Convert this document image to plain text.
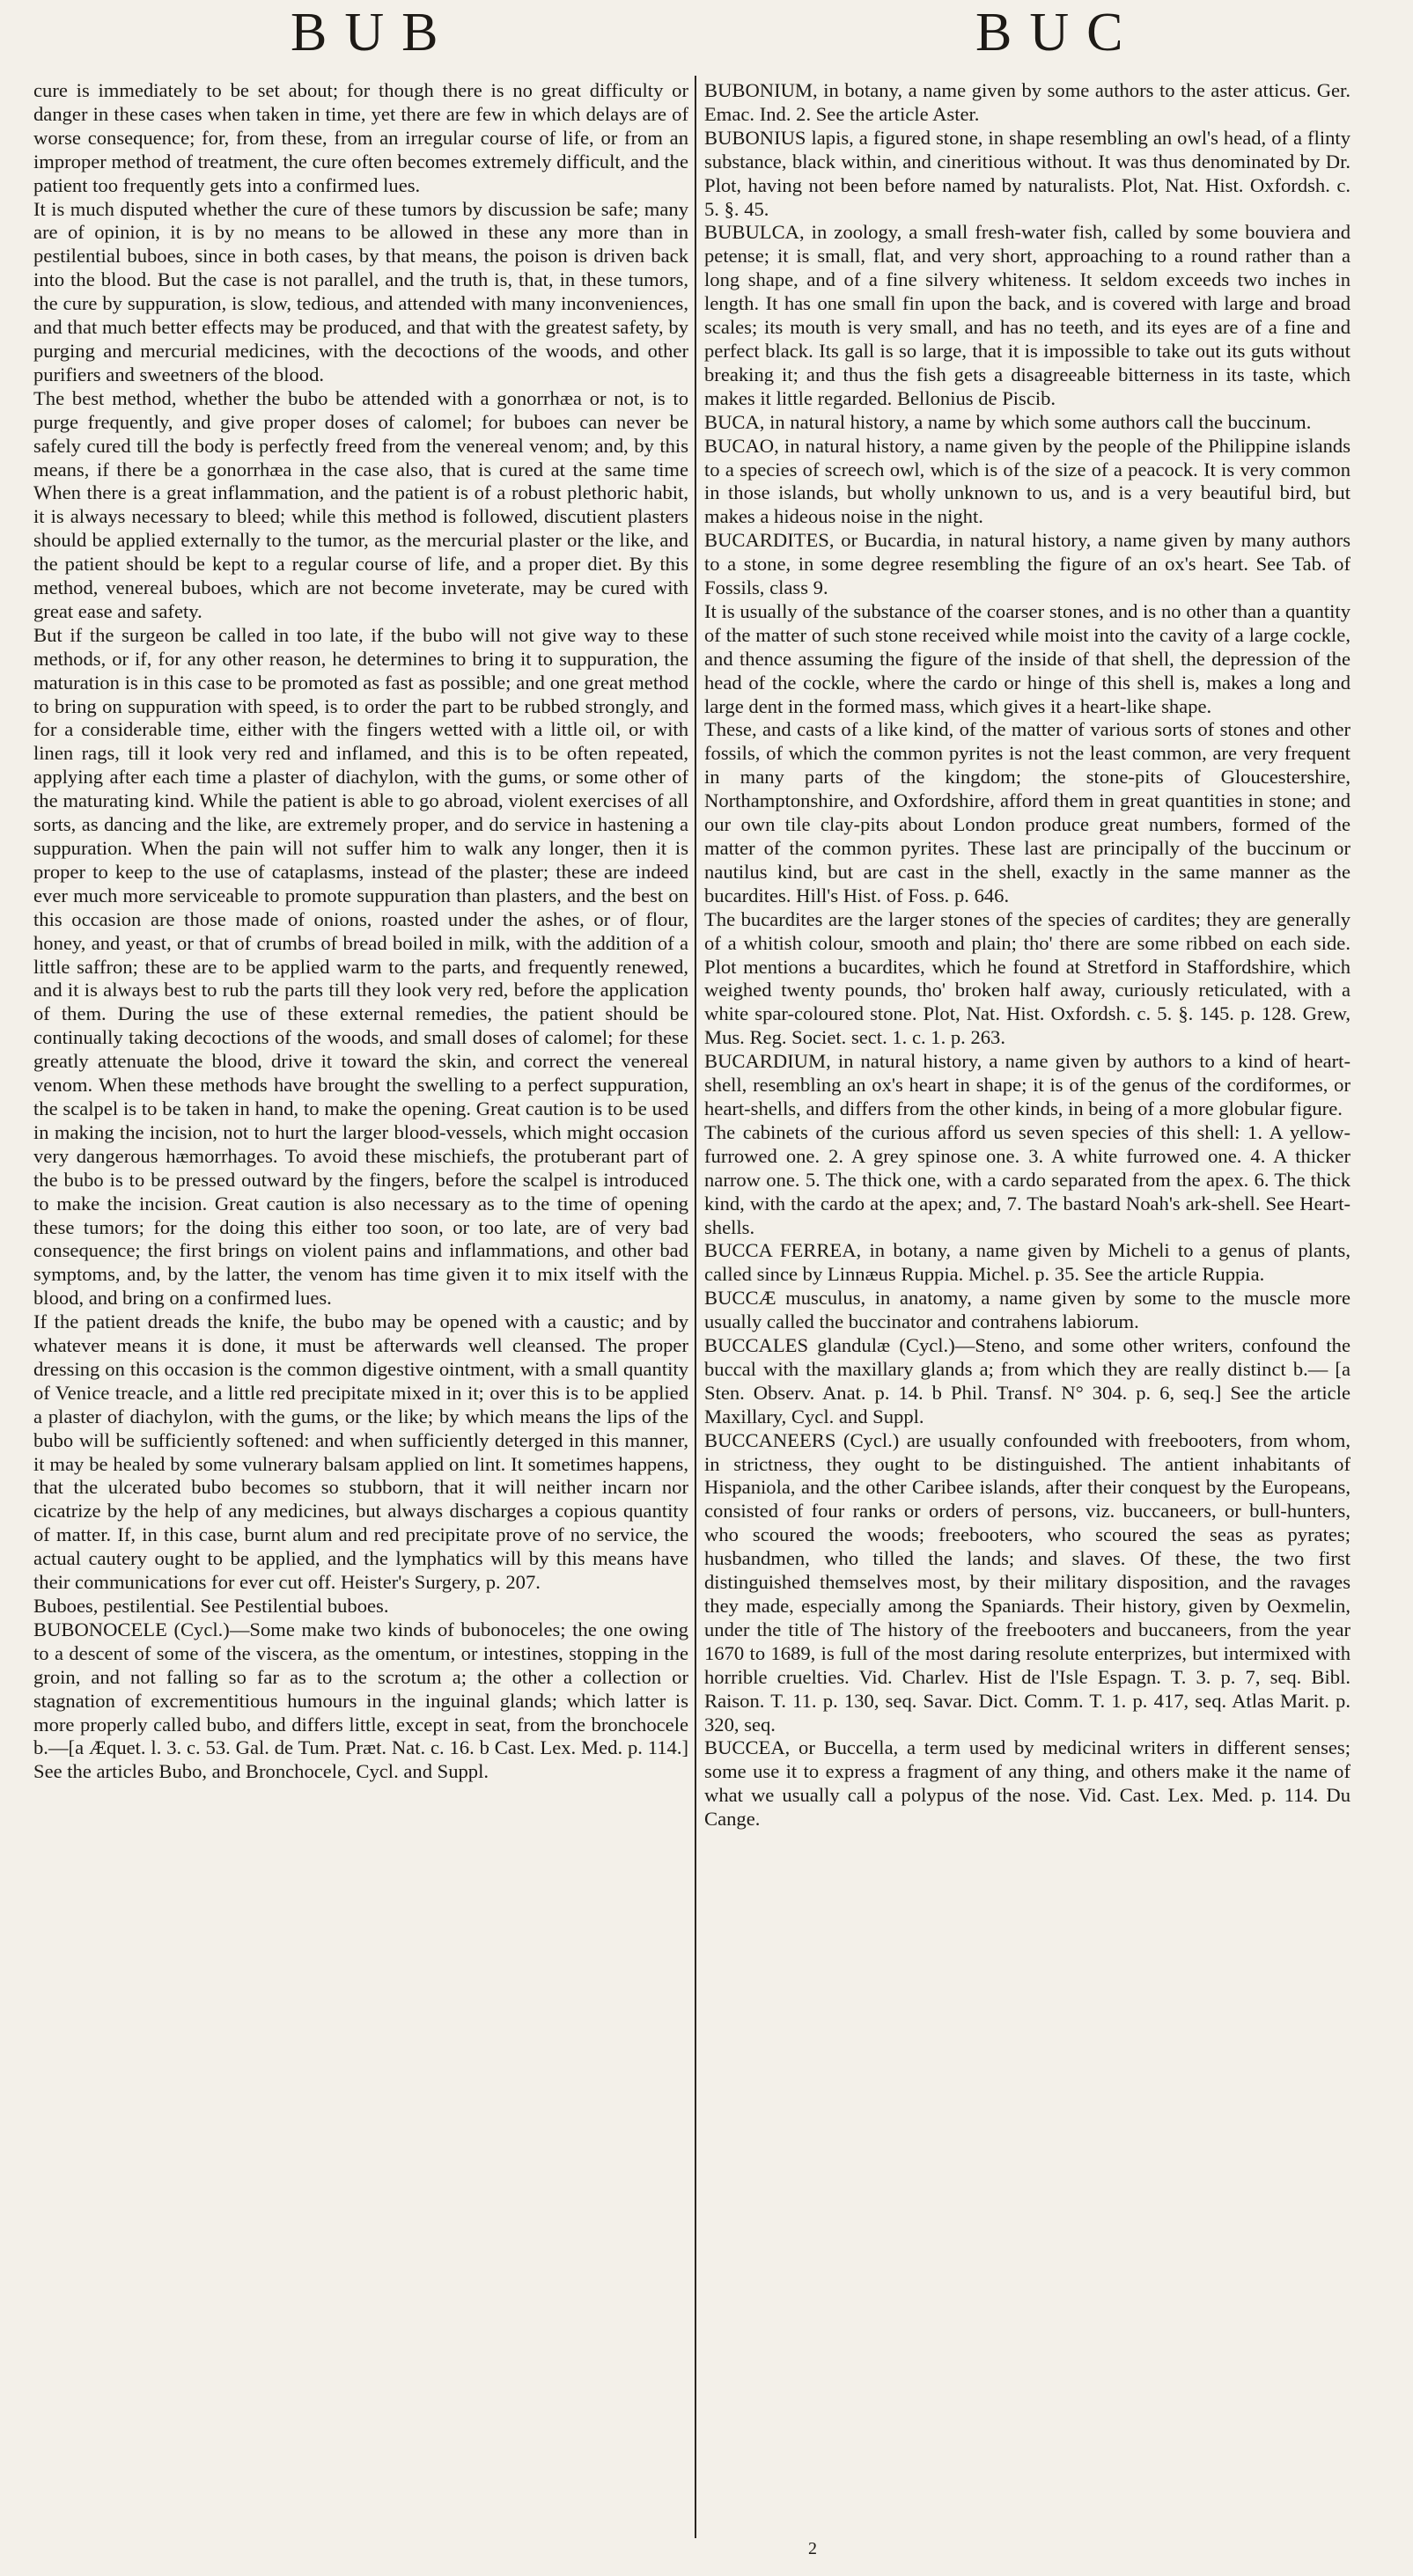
BUB	BUC

cure is immediately to be set about; for though there is no great difficulty or danger in these cases when taken in time, yet there are few in which delays are of worse consequence; for, from these, from an irregular course of life, or from an improper method of treatment, the cure often becomes extremely difficult, and the patient too frequently gets into a confirmed lues.

It is much disputed whether the cure of these tumors by discussion be safe; many are of opinion, it is by no means to be allowed in these any more than in pestilential buboes, since in both cases, by that means, the poison is driven back into the blood. But the case is not parallel, and the truth is, that, in these tumors, the cure by suppuration, is slow, tedious, and attended with many inconveniences, and that much better effects may be produced, and that with the greatest safety, by purging and mercurial medicines, with the decoctions of the woods, and other purifiers and sweetners of the blood.

The best method, whether the bubo be attended with a gonorrhæa or not, is to purge frequently, and give proper doses of calomel; for buboes can never be safely cured till the body is perfectly freed from the venereal venom; and, by this means, if there be a gonorrhæa in the case also, that is cured at the same time When there is a great inflammation, and the patient is of a robust plethoric habit, it is always necessary to bleed; while this method is followed, discutient plasters should be applied externally to the tumor, as the mercurial plaster or the like, and the patient should be kept to a regular course of life, and a proper diet. By this method, venereal buboes, which are not become inveterate, may be cured with great ease and safety.

But if the surgeon be called in too late, if the bubo will not give way to these methods, or if, for any other reason, he determines to bring it to suppuration, the maturation is in this case to be promoted as fast as possible; and one great method to bring on suppuration with speed, is to order the part to be rubbed strongly, and for a considerable time, either with the fingers wetted with a little oil, or with linen rags, till it look very red and inflamed, and this is to be often repeated, applying after each time a plaster of diachylon, with the gums, or some other of the maturating kind. While the patient is able to go abroad, violent exercises of all sorts, as dancing and the like, are extremely proper, and do service in hastening a suppuration. When the pain will not suffer him to walk any longer, then it is proper to keep to the use of cataplasms, instead of the plaster; these are indeed ever much more serviceable to promote suppuration than plasters, and the best on this occasion are those made of onions, roasted under the ashes, or of flour, honey, and yeast, or that of crumbs of bread boiled in milk, with the addition of a little saffron; these are to be applied warm to the parts, and frequently renewed, and it is always best to rub the parts till they look very red, before the application of them. During the use of these external remedies, the patient should be continually taking decoctions of the woods, and small doses of calomel; for these greatly attenuate the blood, drive it toward the skin, and correct the venereal venom. When these methods have brought the swelling to a perfect suppuration, the scalpel is to be taken in hand, to make the opening. Great caution is to be used in making the incision, not to hurt the larger blood-vessels, which might occasion very dangerous hæmorrhages. To avoid these mischiefs, the protuberant part of the bubo is to be pressed outward by the fingers, before the scalpel is introduced to make the incision. Great caution is also necessary as to the time of opening these tumors; for the doing this either too soon, or too late, are of very bad consequence; the first brings on violent pains and inflammations, and other bad symptoms, and, by the latter, the venom has time given it to mix itself with the blood, and bring on a confirmed lues.

If the patient dreads the knife, the bubo may be opened with a caustic; and by whatever means it is done, it must be afterwards well cleansed. The proper dressing on this occasion is the common digestive ointment, with a small quantity of Venice treacle, and a little red precipitate mixed in it; over this is to be applied a plaster of diachylon, with the gums, or the like; by which means the lips of the bubo will be sufficiently softened: and when sufficiently deterged in this manner, it may be healed by some vulnerary balsam applied on lint. It sometimes happens, that the ulcerated bubo becomes so stubborn, that it will neither incarn nor cicatrize by the help of any medicines, but always discharges a copious quantity of matter. If, in this case, burnt alum and red precipitate prove of no service, the actual cautery ought to be applied, and the lymphatics will by this means have their communications for ever cut off. Heister's Surgery, p. 207.

Buboes, pestilential. See Pestilential buboes.

BUBONOCELE (Cycl.)—Some make two kinds of bubonoceles; the one owing to a descent of some of the viscera, as the omentum, or intestines, stopping in the groin, and not falling so far as to the scrotum a; the other a collection or stagnation of excrementitious humours in the inguinal glands; which latter is more properly called bubo, and differs little, except in seat, from the bronchocele b.—[a Æquet. l. 3. c. 53. Gal. de Tum. Præt. Nat. c. 16. b Cast. Lex. Med. p. 114.] See the articles Bubo, and Bronchocele, Cycl. and Suppl.

BUBONIUM, in botany, a name given by some authors to the aster atticus. Ger. Emac. Ind. 2. See the article Aster.

BUBONIUS lapis, a figured stone, in shape resembling an owl's head, of a flinty substance, black within, and cineritious without. It was thus denominated by Dr. Plot, having not been before named by naturalists. Plot, Nat. Hist. Oxfordsh. c. 5. §. 45.

BUBULCA, in zoology, a small fresh-water fish, called by some bouviera and petense; it is small, flat, and very short, approaching to a round rather than a long shape, and of a fine silvery whiteness. It seldom exceeds two inches in length. It has one small fin upon the back, and is covered with large and broad scales; its mouth is very small, and has no teeth, and its eyes are of a fine and perfect black. Its gall is so large, that it is impossible to take out its guts without breaking it; and thus the fish gets a disagreeable bitterness in its taste, which makes it little regarded. Bellonius de Piscib.

BUCA, in natural history, a name by which some authors call the buccinum.

BUCAO, in natural history, a name given by the people of the Philippine islands to a species of screech owl, which is of the size of a peacock. It is very common in those islands, but wholly unknown to us, and is a very beautiful bird, but makes a hideous noise in the night.

BUCARDITES, or Bucardia, in natural history, a name given by many authors to a stone, in some degree resembling the figure of an ox's heart. See Tab. of Fossils, class 9.

It is usually of the substance of the coarser stones, and is no other than a quantity of the matter of such stone received while moist into the cavity of a large cockle, and thence assuming the figure of the inside of that shell, the depression of the head of the cockle, where the cardo or hinge of this shell is, makes a long and large dent in the formed mass, which gives it a heart-like shape.

These, and casts of a like kind, of the matter of various sorts of stones and other fossils, of which the common pyrites is not the least common, are very frequent in many parts of the kingdom; the stone-pits of Gloucestershire, Northamptonshire, and Oxfordshire, afford them in great quantities in stone; and our own tile clay-pits about London produce great numbers, formed of the matter of the common pyrites. These last are principally of the buccinum or nautilus kind, but are cast in the shell, exactly in the same manner as the bucardites. Hill's Hist. of Foss. p. 646.

The bucardites are the larger stones of the species of cardites; they are generally of a whitish colour, smooth and plain; tho' there are some ribbed on each side. Plot mentions a bucardites, which he found at Stretford in Staffordshire, which weighed twenty pounds, tho' broken half away, curiously reticulated, with a white spar-coloured stone. Plot, Nat. Hist. Oxfordsh. c. 5. §. 145. p. 128. Grew, Mus. Reg. Societ. sect. 1. c. 1. p. 263.

BUCARDIUM, in natural history, a name given by authors to a kind of heart-shell, resembling an ox's heart in shape; it is of the genus of the cordiformes, or heart-shells, and differs from the other kinds, in being of a more globular figure.

The cabinets of the curious afford us seven species of this shell: 1. A yellow-furrowed one. 2. A grey spinose one. 3. A white furrowed one. 4. A thicker narrow one. 5. The thick one, with a cardo separated from the apex. 6. The thick kind, with the cardo at the apex; and, 7. The bastard Noah's ark-shell. See Heart-shells.

BUCCA FERREA, in botany, a name given by Micheli to a genus of plants, called since by Linnæus Ruppia. Michel. p. 35. See the article Ruppia.

BUCCÆ musculus, in anatomy, a name given by some to the muscle more usually called the buccinator and contrahens labiorum.

BUCCALES glandulæ (Cycl.)—Steno, and some other writers, confound the buccal with the maxillary glands a; from which they are really distinct b.— [a Sten. Observ. Anat. p. 14. b Phil. Transf. N° 304. p. 6, seq.] See the article Maxillary, Cycl. and Suppl.

BUCCANEERS (Cycl.) are usually confounded with freebooters, from whom, in strictness, they ought to be distinguished. The antient inhabitants of Hispaniola, and the other Caribee islands, after their conquest by the Europeans, consisted of four ranks or orders of persons, viz. buccaneers, or bull-hunters, who scoured the woods; freebooters, who scoured the seas as pyrates; husbandmen, who tilled the lands; and slaves. Of these, the two first distinguished themselves most, by their military disposition, and the ravages they made, especially among the Spaniards. Their history, given by Oexmelin, under the title of The history of the freebooters and buccaneers, from the year 1670 to 1689, is full of the most daring resolute enterprizes, but intermixed with horrible cruelties. Vid. Charlev. Hist de l'Isle Espagn. T. 3. p. 7, seq. Bibl. Raison. T. 11. p. 130, seq. Savar. Dict. Comm. T. 1. p. 417, seq. Atlas Marit. p. 320, seq.

BUCCEA, or Buccella, a term used by medicinal writers in different senses; some use it to express a fragment of any thing, and others make it the name of what we usually call a polypus of the nose. Vid. Cast. Lex. Med. p. 114. Du Cange.

2
